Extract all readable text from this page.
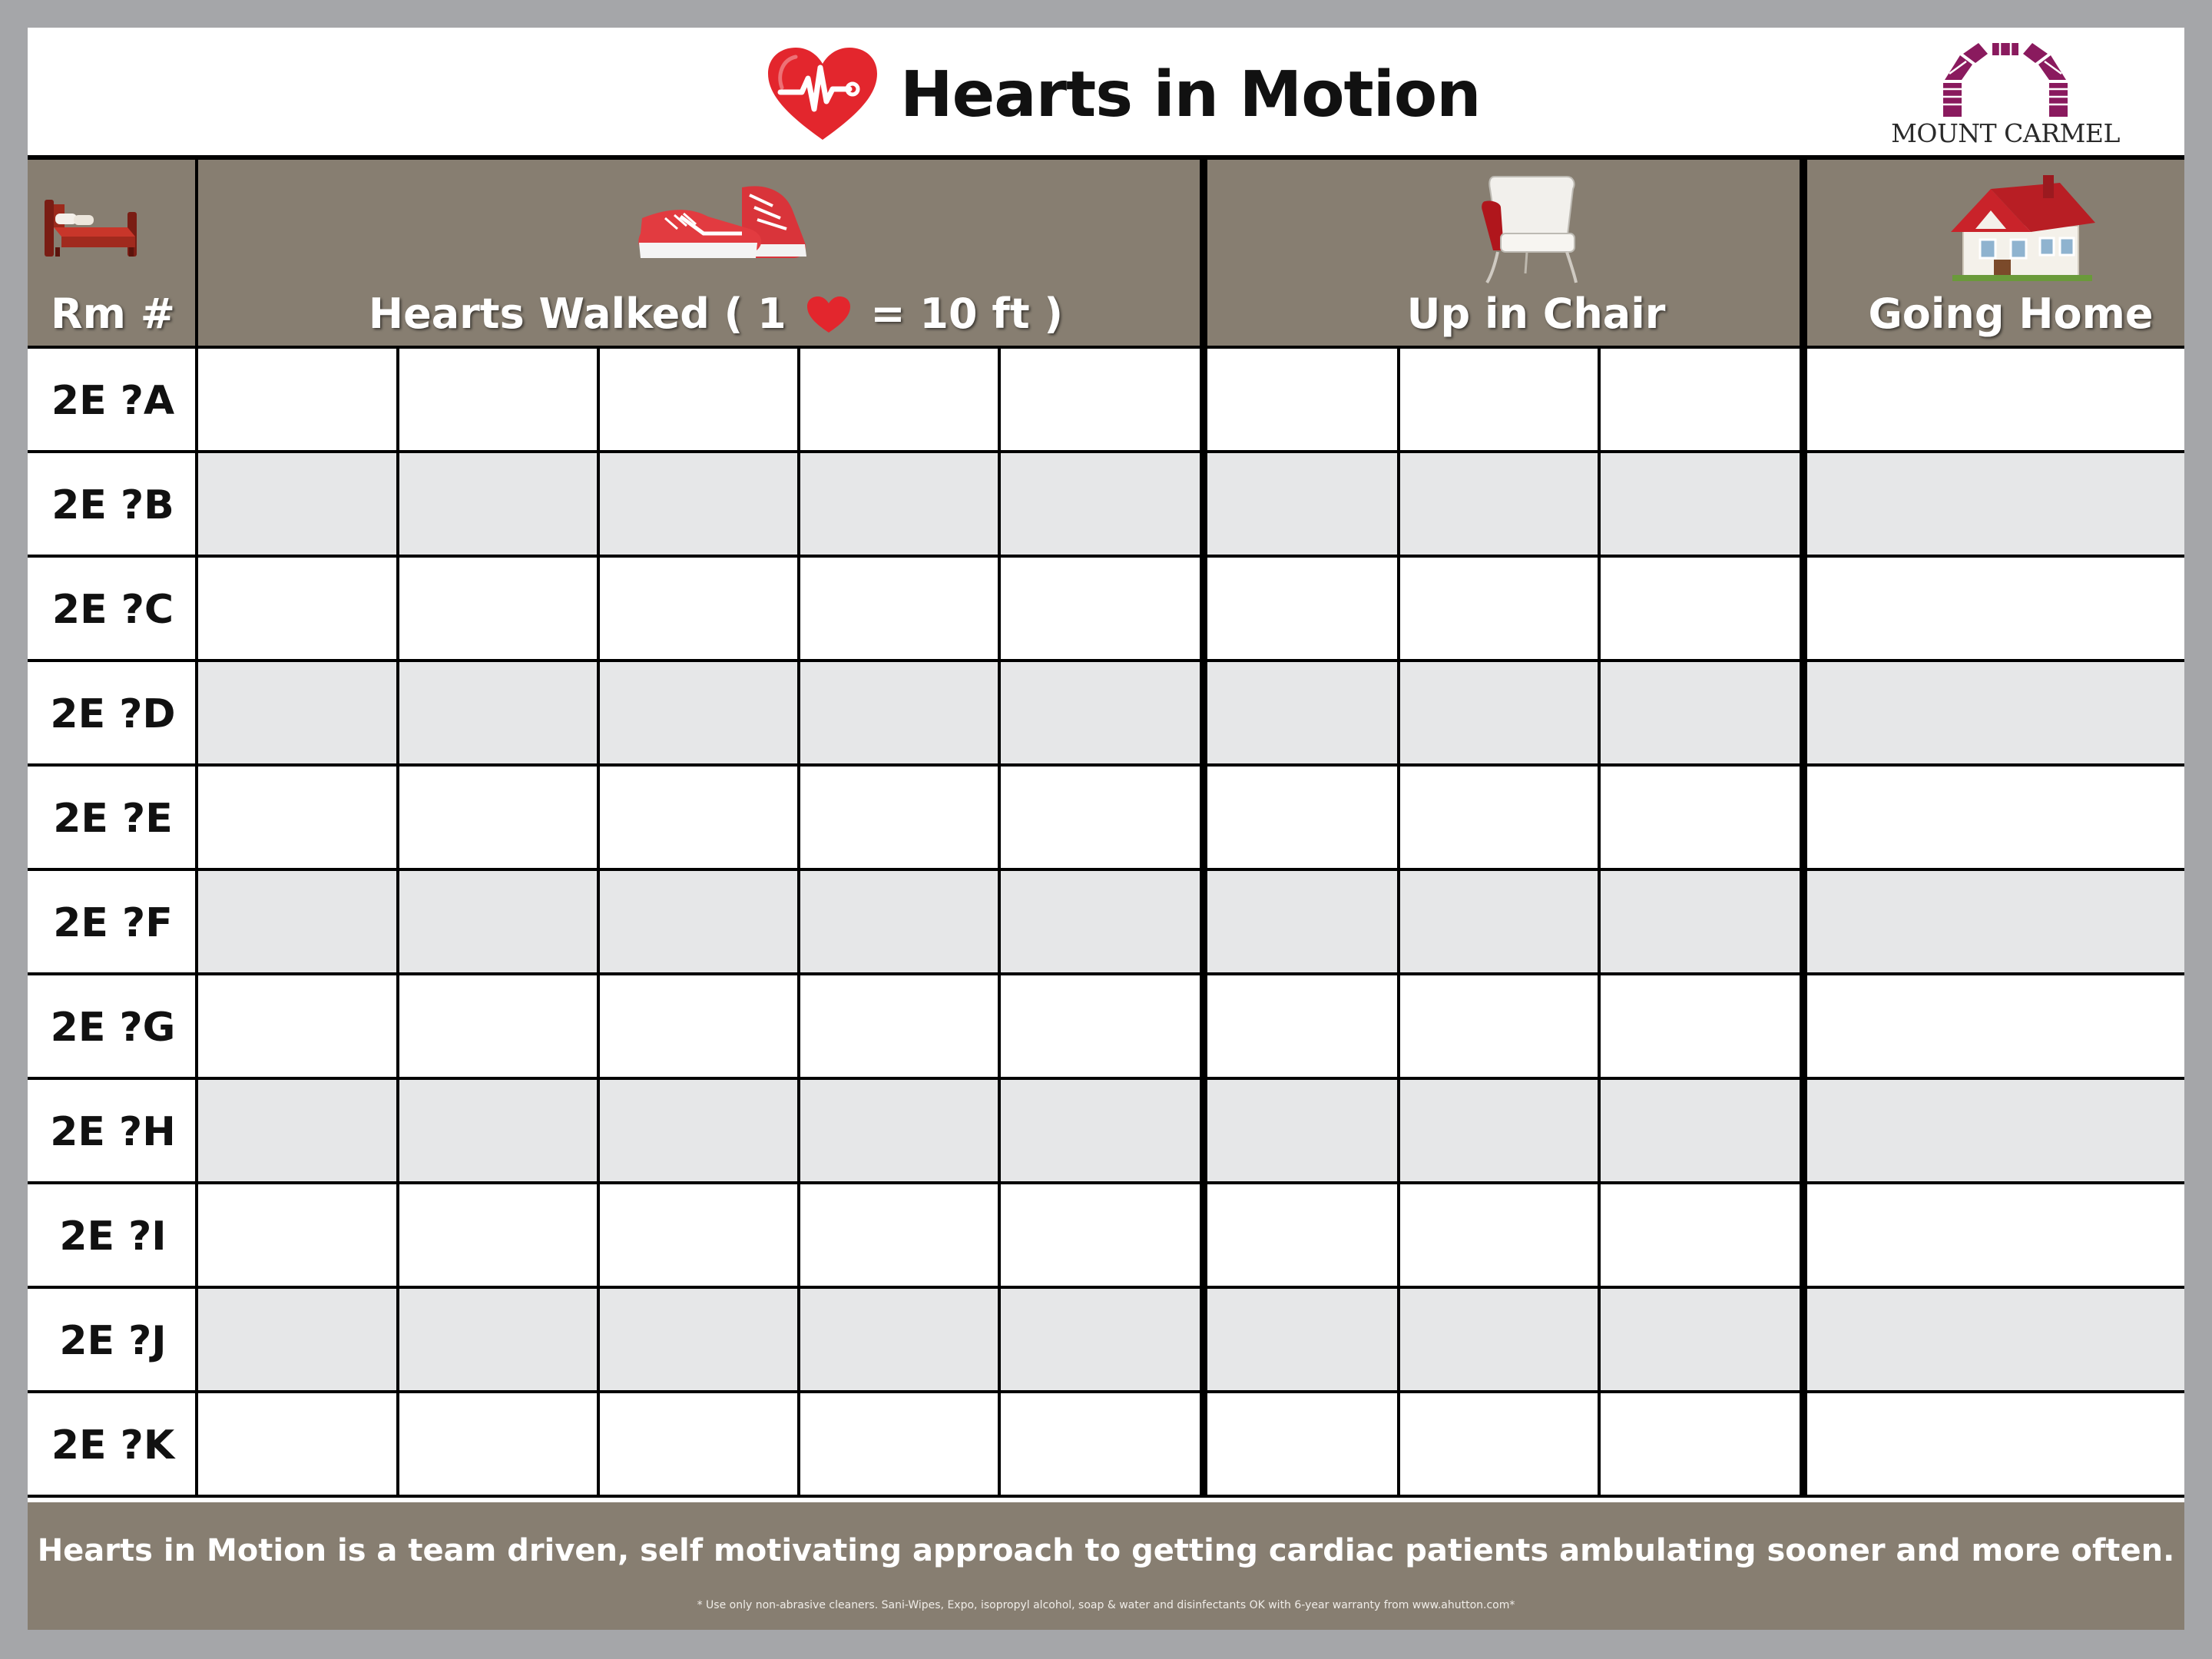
Hearts in Motion
MOUNT CARMEL
Rm #	Hearts Walked ( 1 = 10 ft )	Up in Chair	Going Home
2E ?A
2E ?B
2E ?C
2E ?D
2E ?E
2E ?F
2E ?G
2E ?H
2E ?I
2E ?J
2E ?K
Hearts in Motion is a team driven, self motivating approach to getting cardiac patients ambulating sooner and more often.
* Use only non-abrasive cleaners. Sani-Wipes, Expo, isopropyl alcohol, soap & water and disinfectants OK with 6-year warranty from www.ahutton.com*
